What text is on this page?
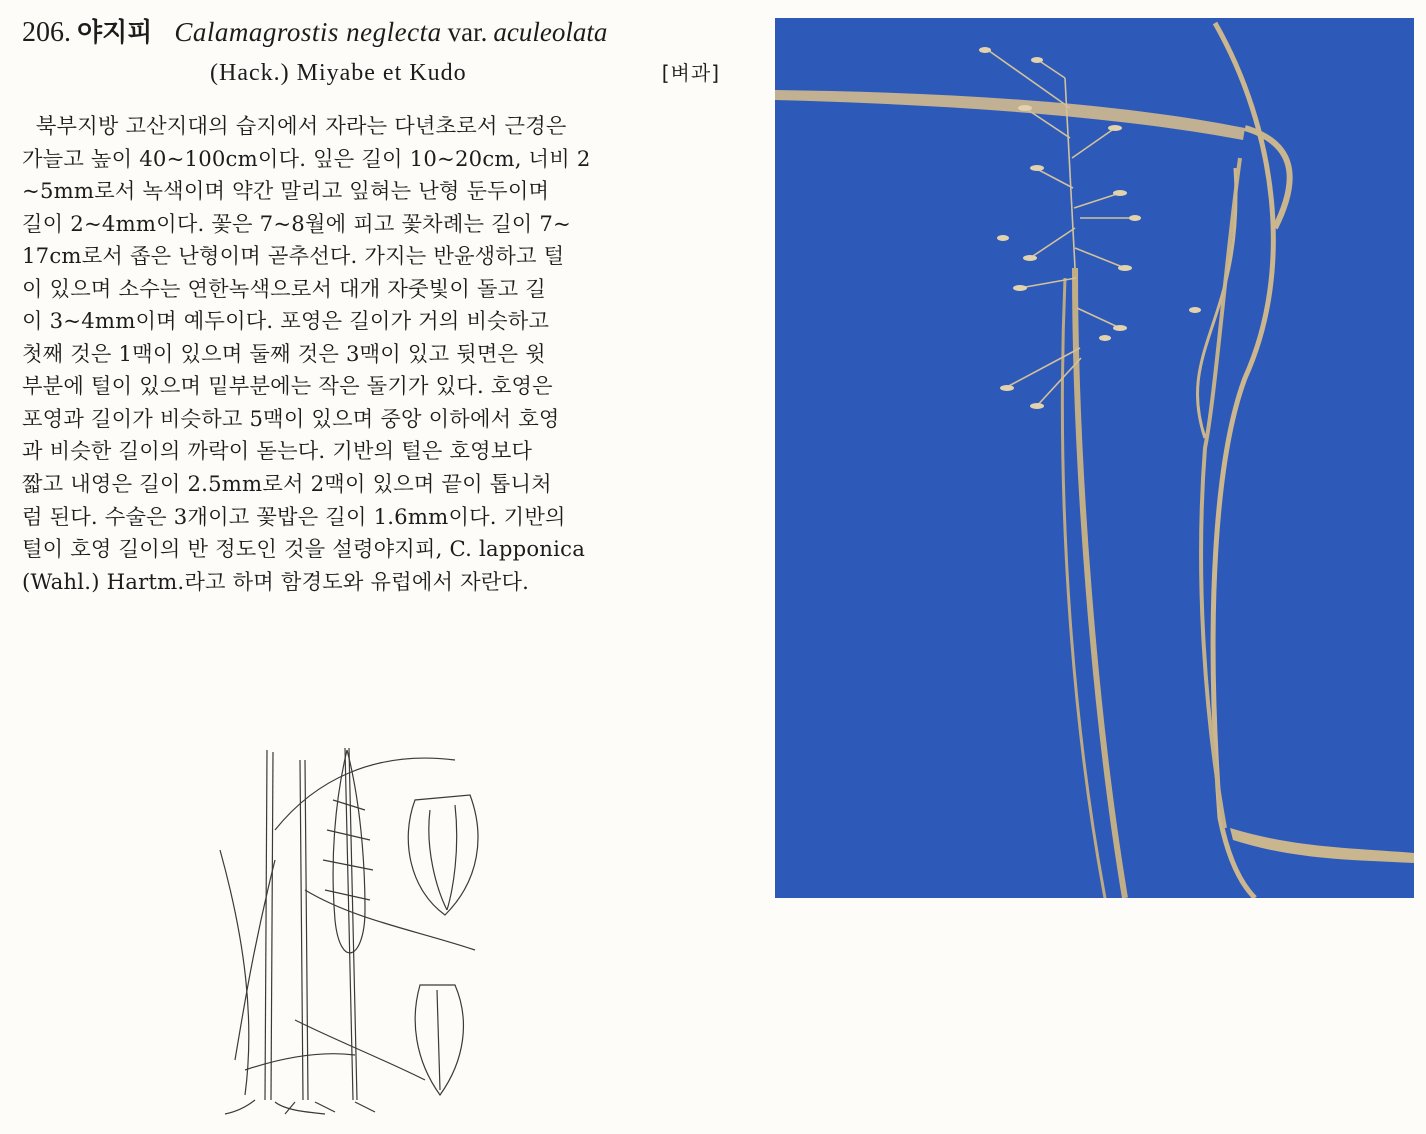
206. 야지피 Calamagrostis neglecta var. aculeolata
(Hack.) Miyabe et Kudo	[벼과]
북부지방 고산지대의 습지에서 자라는 다년초로서 근경은
가늘고 높이 40~100cm이다. 잎은 길이 10~20cm, 너비 2
~5mm로서 녹색이며 약간 말리고 잎혀는 난형 둔두이며
길이 2~4mm이다. 꽃은 7~8월에 피고 꽃차례는 길이 7~
17cm로서 좁은 난형이며 곧추선다. 가지는 반윤생하고 털
이 있으며 소수는 연한녹색으로서 대개 자줏빛이 돌고 길
이 3~4mm이며 예두이다. 포영은 길이가 거의 비슷하고
첫째 것은 1맥이 있으며 둘째 것은 3맥이 있고 뒷면은 윗
부분에 털이 있으며 밑부분에는 작은 돌기가 있다. 호영은
포영과 길이가 비슷하고 5맥이 있으며 중앙 이하에서 호영
과 비슷한 길이의 까락이 돋는다. 기반의 털은 호영보다
짧고 내영은 길이 2.5mm로서 2맥이 있으며 끝이 톱니처
럼 된다. 수술은 3개이고 꽃밥은 길이 1.6mm이다. 기반의
털이 호영 길이의 반 정도인 것을 설령야지피, C. lapponica
(Wahl.) Hartm.라고 하며 함경도와 유럽에서 자란다.
